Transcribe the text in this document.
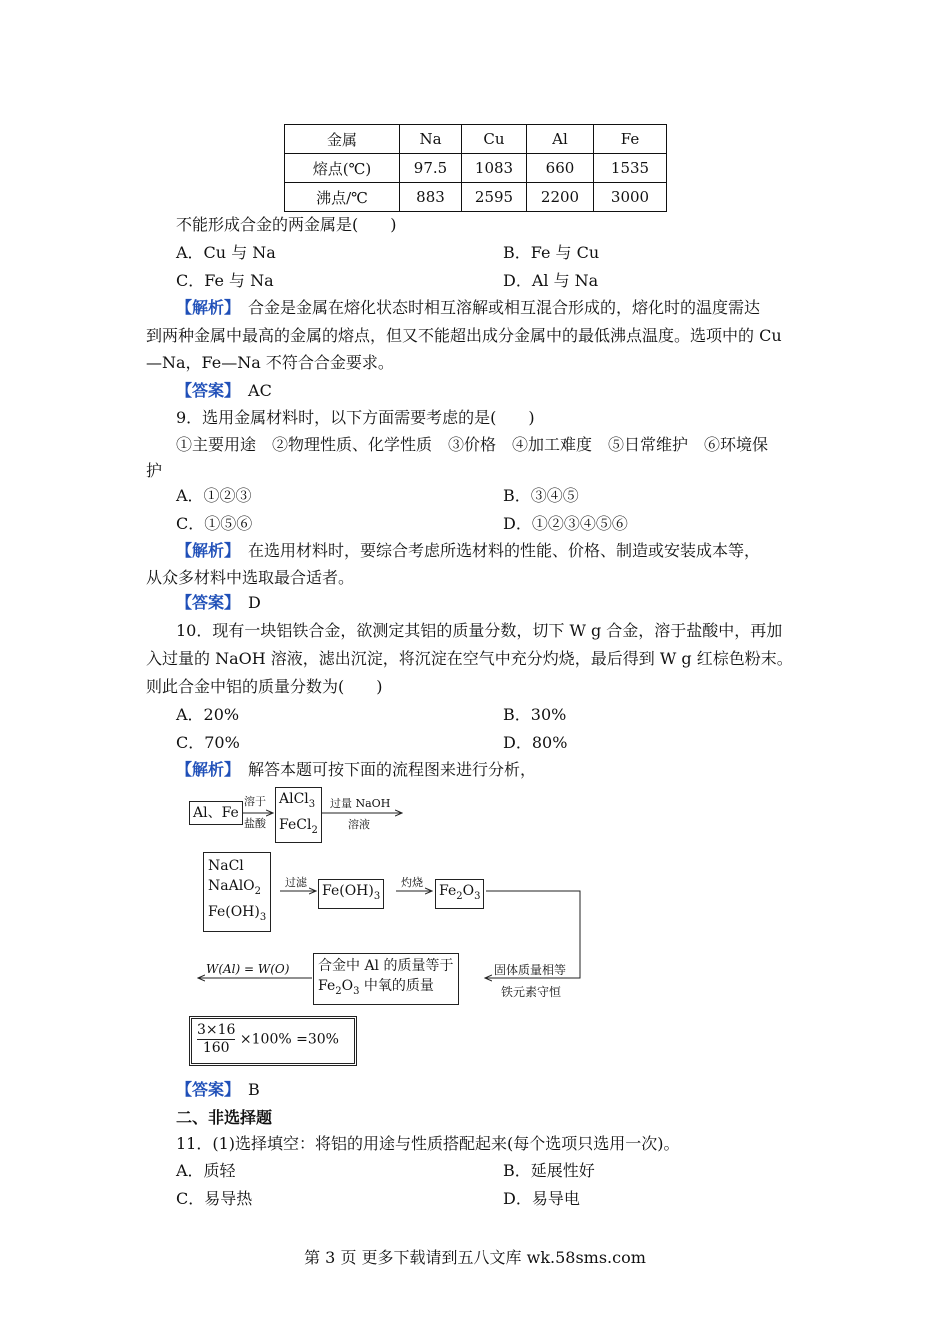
金属	Na	Cu	Al	Fe
熔点(℃)	97.5	1083	660	1535
沸点/℃	883	2595	2200	3000
不能形成合金的两金属是(　　)
A．Cu 与 Na	B．Fe 与 Cu
C．Fe 与 Na	D．Al 与 Na
【解析】　合金是金属在熔化状态时相互溶解或相互混合形成的，熔化时的温度需达
到两种金属中最高的金属的熔点，但又不能超出成分金属中的最低沸点温度。选项中的 Cu
—Na，Fe—Na 不符合合金要求。
【答案】　AC
9．选用金属材料时，以下方面需要考虑的是(　　)
①主要用途　②物理性质、化学性质　③价格　④加工难度　⑤日常维护　⑥环境保
护
A．①②③	B．③④⑤
C．①⑤⑥	D．①②③④⑤⑥
【解析】　在选用材料时，要综合考虑所选材料的性能、价格、制造或安装成本等，
从众多材料中选取最合适者。
【答案】　D
10．现有一块铝铁合金，欲测定其铝的质量分数，切下 W g 合金，溶于盐酸中，再加
入过量的 NaOH 溶液，滤出沉淀，将沉淀在空气中充分灼烧，最后得到 W g 红棕色粉末。
则此合金中铝的质量分数为(　　)
A．20%	B．30%
C．70%	D．80%
【解析】　解答本题可按下面的流程图来进行分析，
Al、Fe
溶于
盐酸
AlCl$_3$
FeCl$_2$
过量 NaOH
溶液
NaCl
NaAlO$_2$
$Fe(OH)_3$
过滤
$Fe(OH)_3$
灼烧
$Fe_2O_3$
固体质量相等
铁元素守恒
合金中 Al 的质量等于
$Fe_2O_3$ 中氧的质量
W(Al) = W(O)
$\frac{3\times 16}{160} \times 100\% =30\%$
【答案】　B
二、非选择题
11．(1)选择填空：将铝的用途与性质搭配起来(每个选项只选用一次)。
A．质轻	B．延展性好
C．易导热	D．易导电
第 3 页 更多下载请到五八文库 wk.58sms.com
